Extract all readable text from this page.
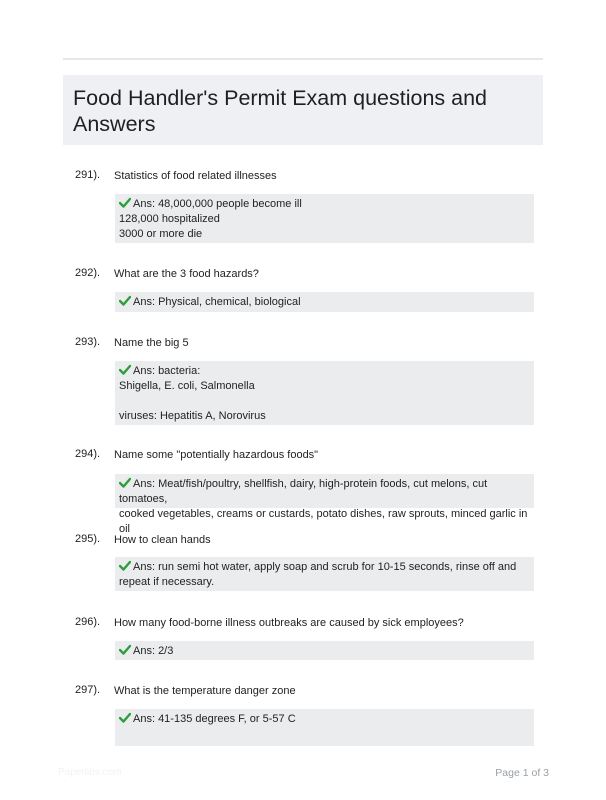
Food Handler's Permit Exam questions and Answers
291). Statistics of food related illnesses
Ans: 48,000,000 people become ill
128,000 hospitalized
3000 or more die
292). What are the 3 food hazards?
Ans: Physical, chemical, biological
293). Name the big 5
Ans: bacteria:
Shigella, E. coli, Salmonella
viruses: Hepatitis A, Norovirus
294). Name some "potentially hazardous foods"
Ans: Meat/fish/poultry, shellfish, dairy, high-protein foods, cut melons, cut tomatoes,
cooked vegetables, creams or custards, potato dishes, raw sprouts, minced garlic in oil
295). How to clean hands
Ans: run semi hot water, apply soap and scrub for 10-15 seconds, rinse off and
repeat if necessary.
296). How many food-borne illness outbreaks are caused by sick employees?
Ans: 2/3
297). What is the temperature danger zone
Ans: 41-135 degrees F, or 5-57 C
Paperlibs.com	Page 1 of 3
